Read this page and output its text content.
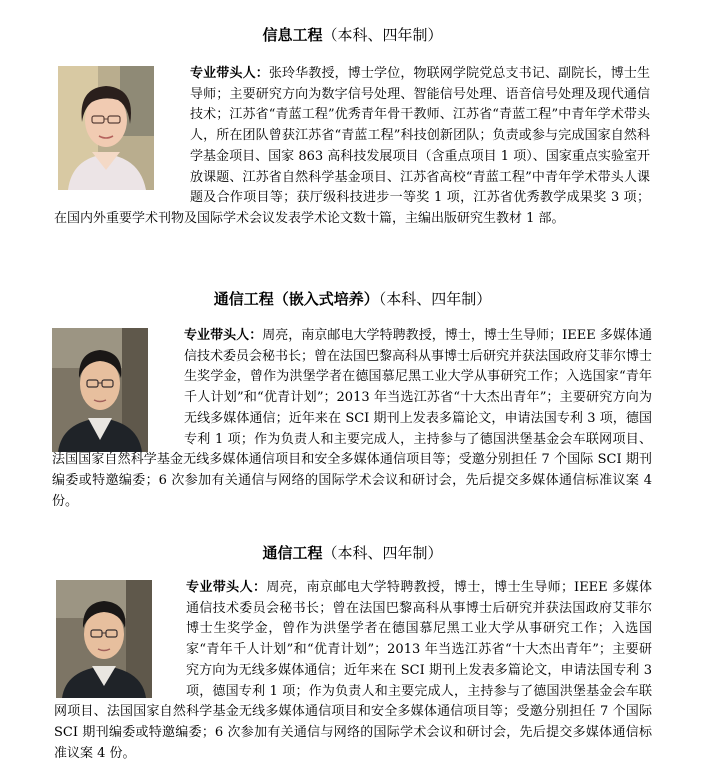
信息工程（本科、四年制）
专业带头人：张玲华教授，博士学位，物联网学院党总支书记、副院长，博士生导师；主要研究方向为数字信号处理、智能信号处理、语音信号处理及现代通信技术；江苏省“青蓝工程”优秀青年骨干教师、江苏省“青蓝工程”中青年学术带头人，所在团队曾获江苏省“青蓝工程”科技创新团队；负责或参与完成国家自然科学基金项目、国家 863 高科技发展项目（含重点项目 1 项）、国家重点实验室开放课题、江苏省自然科学基金项目、江苏省高校“青蓝工程”中青年学术带头人课题及合作项目等；获厅级科技进步一等奖 1 项，江苏省优秀教学成果奖 3 项；在国内外重要学术刊物及国际学术会议发表学术论文数十篇，主编出版研究生教材 1 部。
通信工程（嵌入式培养）（本科、四年制）
专业带头人：周亮，南京邮电大学特聘教授，博士，博士生导师；IEEE 多媒体通信技术委员会秘书长；曾在法国巴黎高科从事博士后研究并获法国政府艾菲尔博士生奖学金，曾作为洪堡学者在德国慕尼黑工业大学从事研究工作；入选国家“青年千人计划”和“优青计划”；2013 年当选江苏省“十大杰出青年”；主要研究方向为无线多媒体通信；近年来在 SCI 期刊上发表多篇论文，申请法国专利 3 项，德国专利 1 项；作为负责人和主要完成人，主持参与了德国洪堡基金会车联网项目、法国国家自然科学基金无线多媒体通信项目和安全多媒体通信项目等；受邀分别担任 7 个国际 SCI 期刊编委或特邀编委；6 次参加有关通信与网络的国际学术会议和研讨会，先后提交多媒体通信标准议案 4 份。
通信工程（本科、四年制）
专业带头人：周亮，南京邮电大学特聘教授，博士，博士生导师；IEEE 多媒体通信技术委员会秘书长；曾在法国巴黎高科从事博士后研究并获法国政府艾菲尔博士生奖学金，曾作为洪堡学者在德国慕尼黑工业大学从事研究工作；入选国家“青年千人计划”和“优青计划”；2013 年当选江苏省“十大杰出青年”；主要研究方向为无线多媒体通信；近年来在 SCI 期刊上发表多篇论文，申请法国专利 3 项，德国专利 1 项；作为负责人和主要完成人，主持参与了德国洪堡基金会车联网项目、法国国家自然科学基金无线多媒体通信项目和安全多媒体通信项目等；受邀分别担任 7 个国际 SCI 期刊编委或特邀编委；6 次参加有关通信与网络的国际学术会议和研讨会，先后提交多媒体通信标准议案 4 份。
